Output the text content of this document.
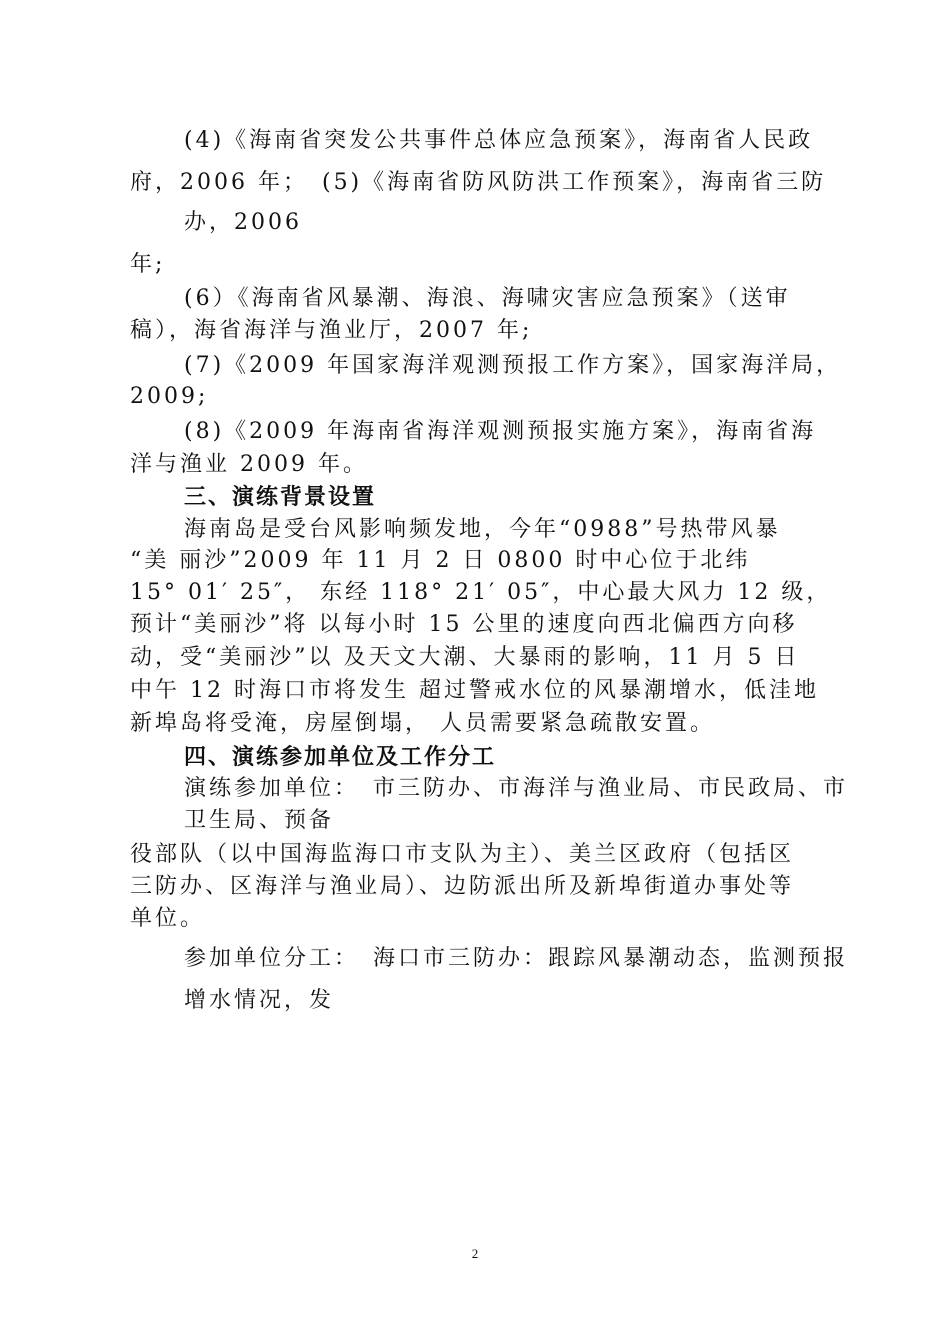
(4)《海南省突发公共事件总体应急预案》，海南省人民政
府，2006 年；　(5)《海南省防风防洪工作预案》，海南省三防
办，2006
年;
(6）《海南省风暴潮、海浪、海啸灾害应急预案》（送审
稿），海省海洋与渔业厅，2007 年;
(7)《2009 年国家海洋观测预报工作方案》，国家海洋局，
2009;
(8)《2009 年海南省海洋观测预报实施方案》，海南省海
洋与渔业 2009 年。
三、演练背景设置
海南岛是受台风影响频发地，今年“0988”号热带风暴
“美 丽沙”2009 年 11 月 2 日 0800 时中心位于北纬
15° 01′ 25″， 东经 118° 21′ 05″，中心最大风力 12 级，
预计“美丽沙”将 以每小时 15 公里的速度向西北偏西方向移
动，受“美丽沙”以 及天文大潮、大暴雨的影响，11 月 5 日
中午 12 时海口市将发生 超过警戒水位的风暴潮增水，低洼地
新埠岛将受淹，房屋倒塌， 人员需要紧急疏散安置。
四、演练参加单位及工作分工
演练参加单位：　市三防办、市海洋与渔业局、市民政局、市
卫生局、预备
役部队（以中国海监海口市支队为主）、美兰区政府（包括区
三防办、区海洋与渔业局）、边防派出所及新埠街道办事处等
单位。
参加单位分工：　海口市三防办：跟踪风暴潮动态，监测预报
增水情况，发
2
